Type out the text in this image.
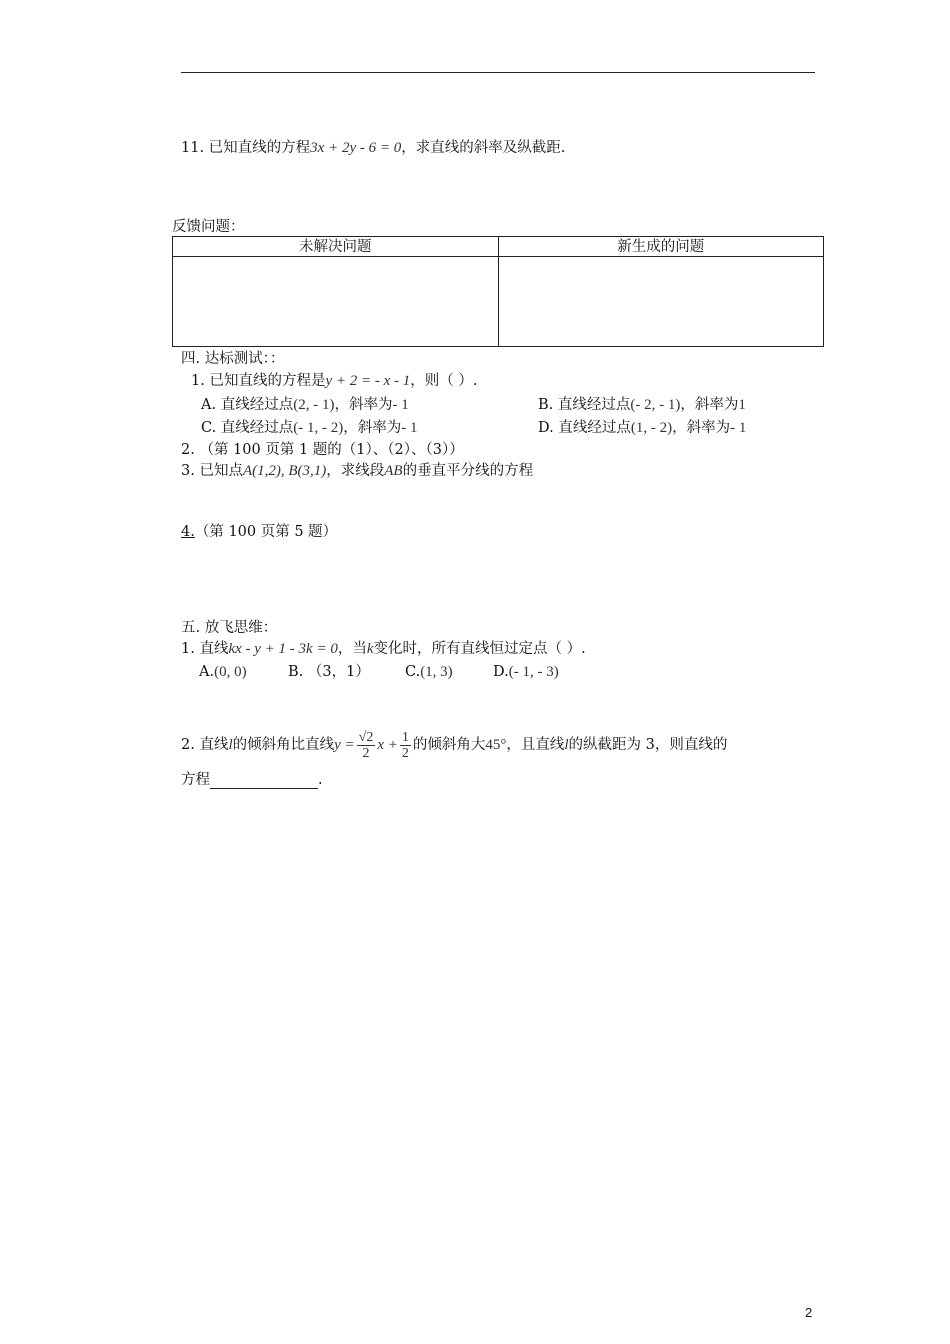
11. 已知直线的方程3x + 2y - 6 = 0，求直线的斜率及纵截距.
反馈问题：
未解决问题	新生成的问题

四. 达标测试：：
1. 已知直线的方程是y + 2 = - x - 1，则（ ）.
A. 直线经过点(2, - 1)，斜率为- 1	B. 直线经过点(- 2, - 1)，斜率为1
C. 直线经过点(- 1, - 2)，斜率为- 1	D. 直线经过点(1, - 2)，斜率为- 1
2. （第 100 页第 1 题的（1）、（2）、（3））
3. 已知点A(1,2), B(3,1)，求线段AB的垂直平分线的方程
4.（第 100 页第 5 题）
五. 放飞思维：
1. 直线kx - y + 1 - 3k = 0，当k变化时，所有直线恒过定点（ ）.
A.(0, 0)	B. （3，1） C.(1, 3)	D.(- 1, - 3)
2. 直线l的倾斜角比直线$y = \frac{√2}{2}$ $x + \frac{1}{2}$ 的倾斜角大45°，且直线l的纵截距为 3，则直线的
方程	.
2
